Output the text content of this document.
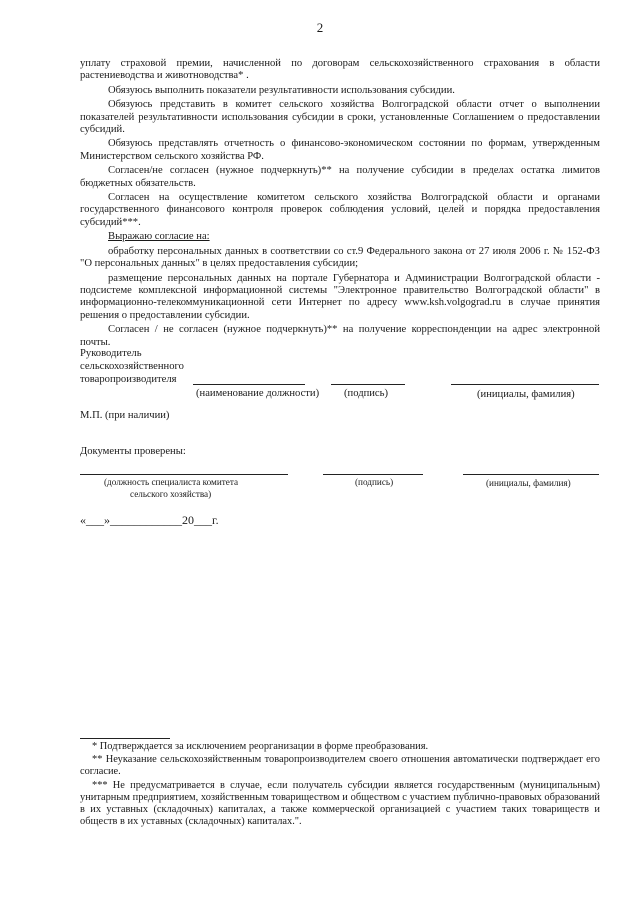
2

уплату страховой премии, начисленной по договорам сельскохозяйственного страхования в области растениеводства и животноводства* .

Обязуюсь выполнить показатели результативности использования субсидии.

Обязуюсь представить в комитет сельского хозяйства Волгоградской области отчет о выполнении показателей результативности использования субсидии в сроки, установленные Соглашением о предоставлении субсидий.

Обязуюсь представлять отчетность о финансово-экономическом состоянии по формам, утвержденным Министерством сельского хозяйства РФ.

Согласен/не согласен (нужное подчеркнуть)** на получение субсидии в пределах остатка лимитов бюджетных обязательств.

Согласен на осуществление комитетом сельского хозяйства Волгоградской области и органами государственного финансового контроля проверок соблюдения условий, целей и порядка предоставления субсидий***.

Выражаю согласие на:

обработку персональных данных в соответствии со ст.9 Федерального закона от 27 июля 2006 г. № 152-ФЗ "О персональных данных" в целях предоставления субсидии;

размещение персональных данных на портале Губернатора и Администрации Волгоградской области - подсистеме комплексной информационной системы "Электронное правительство Волгоградской области" в информационно-телекоммуникационной сети Интернет по адресу www.ksh.volgograd.ru в случае принятия решения о предоставлении субсидии.

Согласен / не согласен (нужное подчеркнуть)** на получение корреспонденции на адрес электронной почты.

Руководитель
сельскохозяйственного
товаропроизводителя
(наименование должности) (подпись)	(инициалы, фамилия)
М.П. (при наличии)
Документы проверены:
(должность специалиста комитета
сельского хозяйства)
(подпись)	(инициалы, фамилия)
«___»____________20___г.

* Подтверждается за исключением реорганизации в форме преобразования.

** Неуказание сельскохозяйственным товаропроизводителем своего отношения автоматически подтверждает его согласие.

*** Не предусматривается в случае, если получатель субсидии является государственным (муниципальным) унитарным предприятием, хозяйственным товариществом и обществом с участием публично-правовых образований в их уставных (складочных) капиталах, а также коммерческой организацией с участием таких товариществ и обществ в их уставных (складочных) капиталах.".
